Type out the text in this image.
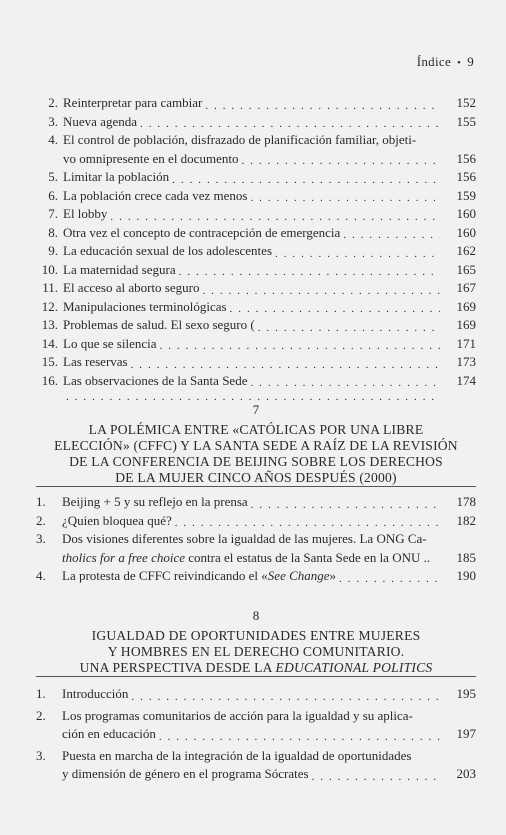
Índice • 9
2. Reinterpretar para cambiar . . .	152
3. Nueva agenda . . .	155
4. El control de población, disfrazado de planificación familiar, objeti-
vo omnipresente en el documento . . .	156
5. Limitar la población . . .	156
6. La población crece cada vez menos . . .	159
7. El lobby . . .	160
8. Otra vez el concepto de contracepción de emergencia . . .	160
9. La educación sexual de los adolescentes . . .	162
10. La maternidad segura . . .	165
11. El acceso al aborto seguro . . .	167
12. Manipulaciones terminológicas . . .	169
13. Problemas de salud. El sexo seguro ( . . .	169
14. Lo que se silencia . . .	171
15. Las reservas . . .	173
16. Las observaciones de la Santa Sede . . .	174
. . .
7
LA POLÉMICA ENTRE «CATÓLICAS POR UNA LIBRE
ELECCIÓN» (CFFC) Y LA SANTA SEDE A RAÍZ DE LA REVISIÓN
DE LA CONFERENCIA DE BEIJING SOBRE LOS DERECHOS
DE LA MUJER CINCO AÑOS DESPUÉS (2000)
1.	Beijing + 5 y su reflejo en la prensa . . .	178
2.	¿Quien bloquea qué? . . .	182
3.	Dos visiones diferentes sobre la igualdad de las mujeres. La ONG Ca-
tholics for a free choice contra el estatus de la Santa Sede en la ONU ..	185
4.	La protesta de CFFC reivindicando el «See Change» . . .	190
8
IGUALDAD DE OPORTUNIDADES ENTRE MUJERES
Y HOMBRES EN EL DERECHO COMUNITARIO.
UNA PERSPECTIVA DESDE LA EDUCATIONAL POLITICS
1.	Introducción . . .	195
2.	Los programas comunitarios de acción para la igualdad y su aplica-
ción en educación . . .	197
3.	Puesta en marcha de la integración de la igualdad de oportunidades
y dimensión de género en el programa Sócrates . . .	203
